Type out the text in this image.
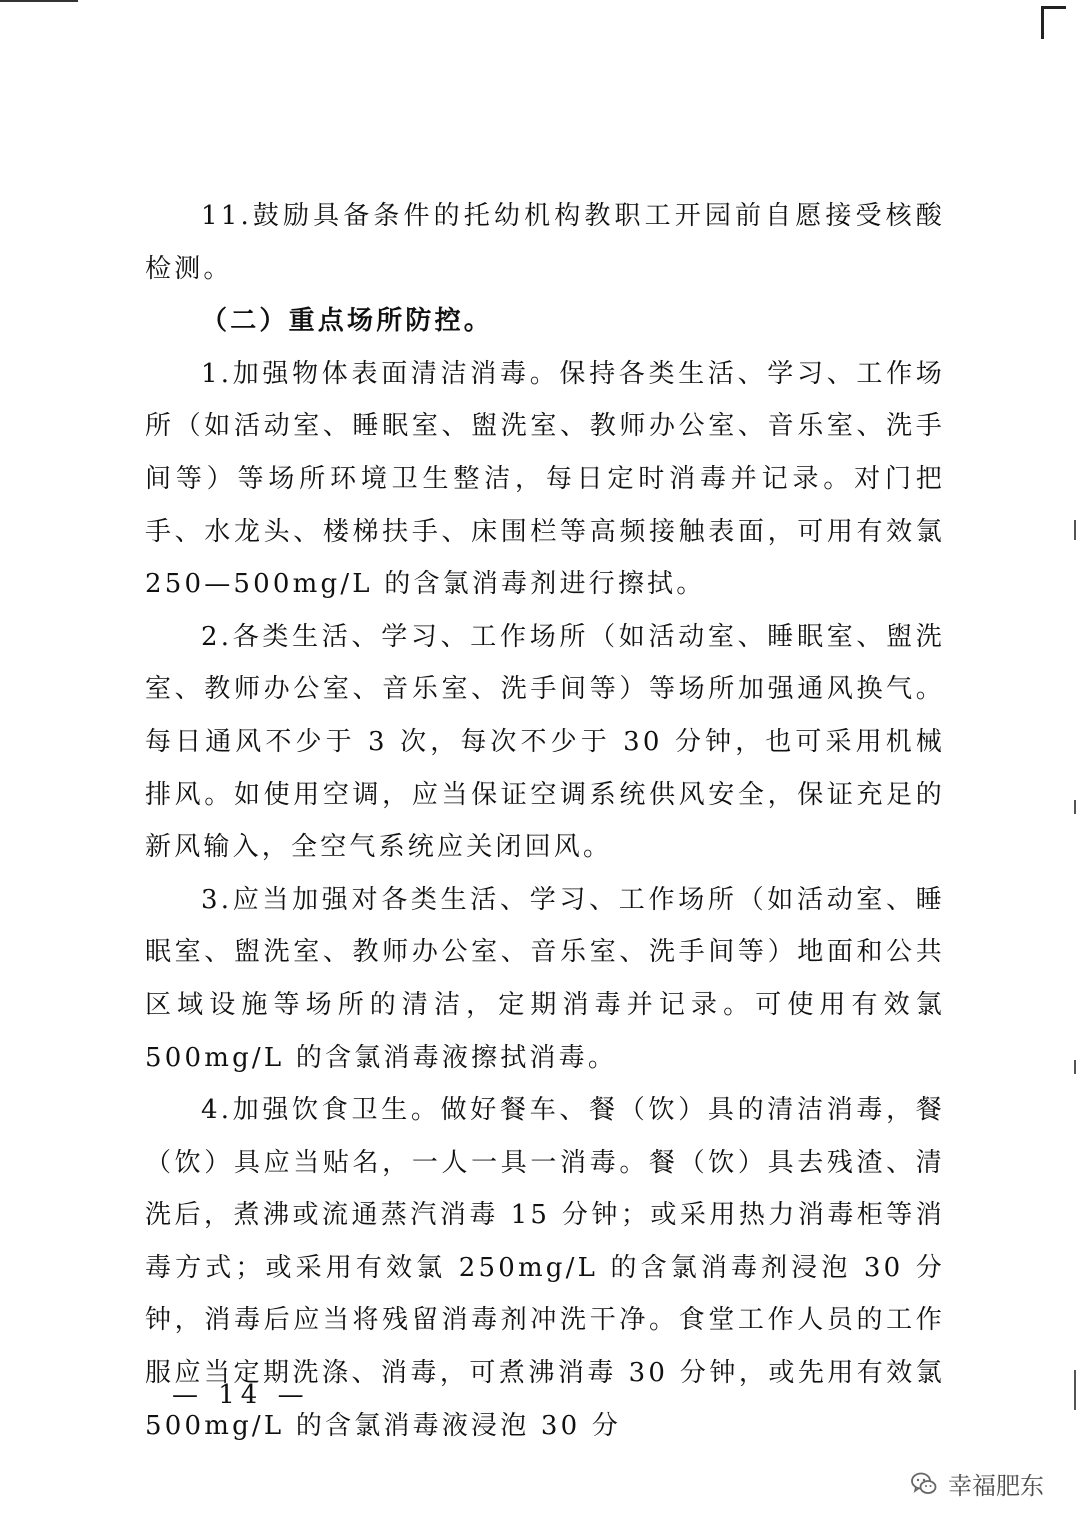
11.鼓励具备条件的托幼机构教职工开园前自愿接受核酸检测。

（二）重点场所防控。

1.加强物体表面清洁消毒。保持各类生活、学习、工作场所（如活动室、睡眠室、盥洗室、教师办公室、音乐室、洗手间等）等场所环境卫生整洁，每日定时消毒并记录。对门把手、水龙头、楼梯扶手、床围栏等高频接触表面，可用有效氯 250—500mg/L 的含氯消毒剂进行擦拭。

2.各类生活、学习、工作场所（如活动室、睡眠室、盥洗室、教师办公室、音乐室、洗手间等）等场所加强通风换气。每日通风不少于 3 次，每次不少于 30 分钟，也可采用机械排风。如使用空调，应当保证空调系统供风安全，保证充足的新风输入，全空气系统应关闭回风。

3.应当加强对各类生活、学习、工作场所（如活动室、睡眠室、盥洗室、教师办公室、音乐室、洗手间等）地面和公共区域设施等场所的清洁，定期消毒并记录。可使用有效氯 500mg/L 的含氯消毒液擦拭消毒。

4.加强饮食卫生。做好餐车、餐（饮）具的清洁消毒，餐（饮）具应当贴名，一人一具一消毒。餐（饮）具去残渣、清洗后，煮沸或流通蒸汽消毒 15 分钟；或采用热力消毒柜等消毒方式；或采用有效氯 250mg/L 的含氯消毒剂浸泡 30 分钟，消毒后应当将残留消毒剂冲洗干净。食堂工作人员的工作服应当定期洗涤、消毒，可煮沸消毒 30 分钟，或先用有效氯 500mg/L 的含氯消毒液浸泡 30 分

— 14 —
幸福肥东
